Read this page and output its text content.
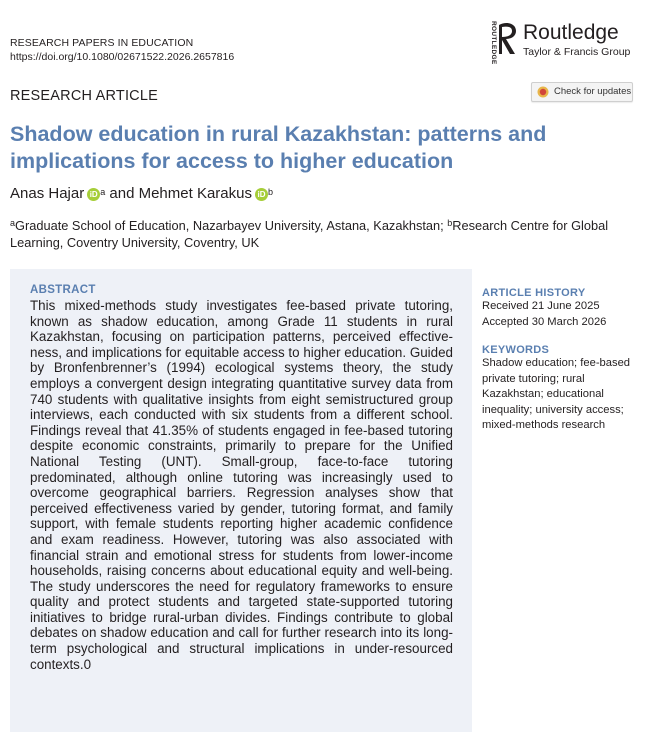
RESEARCH PAPERS IN EDUCATION
https://doi.org/10.1080/02671522.2026.2657816	ROUTLEDGE Routledge
Taylor & Francis Group
RESEARCH ARTICLE	Check for updates
Shadow education in rural Kazakhstan: patterns and implications for access to higher education
Anas Hajar iD $^a$ and Mehmet Karakus iD $^b$
$^a$Graduate School of Education, Nazarbayev University, Astana, Kazakhstan; $^b$Research Centre for Global Learning, Coventry University, Coventry, UK
ABSTRACT
This mixed-methods study investigates fee-based private tutoring, known as shadow education, among Grade 11 students in rural Kazakhstan, focusing on participation patterns, perceived effectiveness, and implications for equitable access to higher education. Guided by Bronfenbrenner’s (1994) ecological systems theory, the study employs a convergent design integrating quantitative survey data from 740 students with qualitative insights from eight semistructured group interviews, each conducted with six students from a different school. Findings reveal that 41.35% of students engaged in fee-based tutoring despite economic constraints, primarily to prepare for the Unified National Testing (UNT). Small-group, face-to-face tutoring predominated, although online tutoring was increasingly used to overcome geographical barriers. Regression analyses show that perceived effectiveness varied by gender, tutoring format, and family support, with female students reporting higher academic confidence and exam readiness. However, tutoring was also associated with financial strain and emotional stress for students from lower-income households, raising concerns about educational equity and well-being. The study underscores the need for regulatory frameworks to ensure quality and protect students and targeted state-supported tutoring initiatives to bridge rural-urban divides. Findings contribute to global debates on shadow education and call for further research into its long-term psychological and structural implications in under-resourced contexts.0
ARTICLE HISTORY
Received 21 June 2025
Accepted 30 March 2026
KEYWORDS
Shadow education; fee-based private tutoring; rural Kazakhstan; educational inequality; university access; mixed-methods research
